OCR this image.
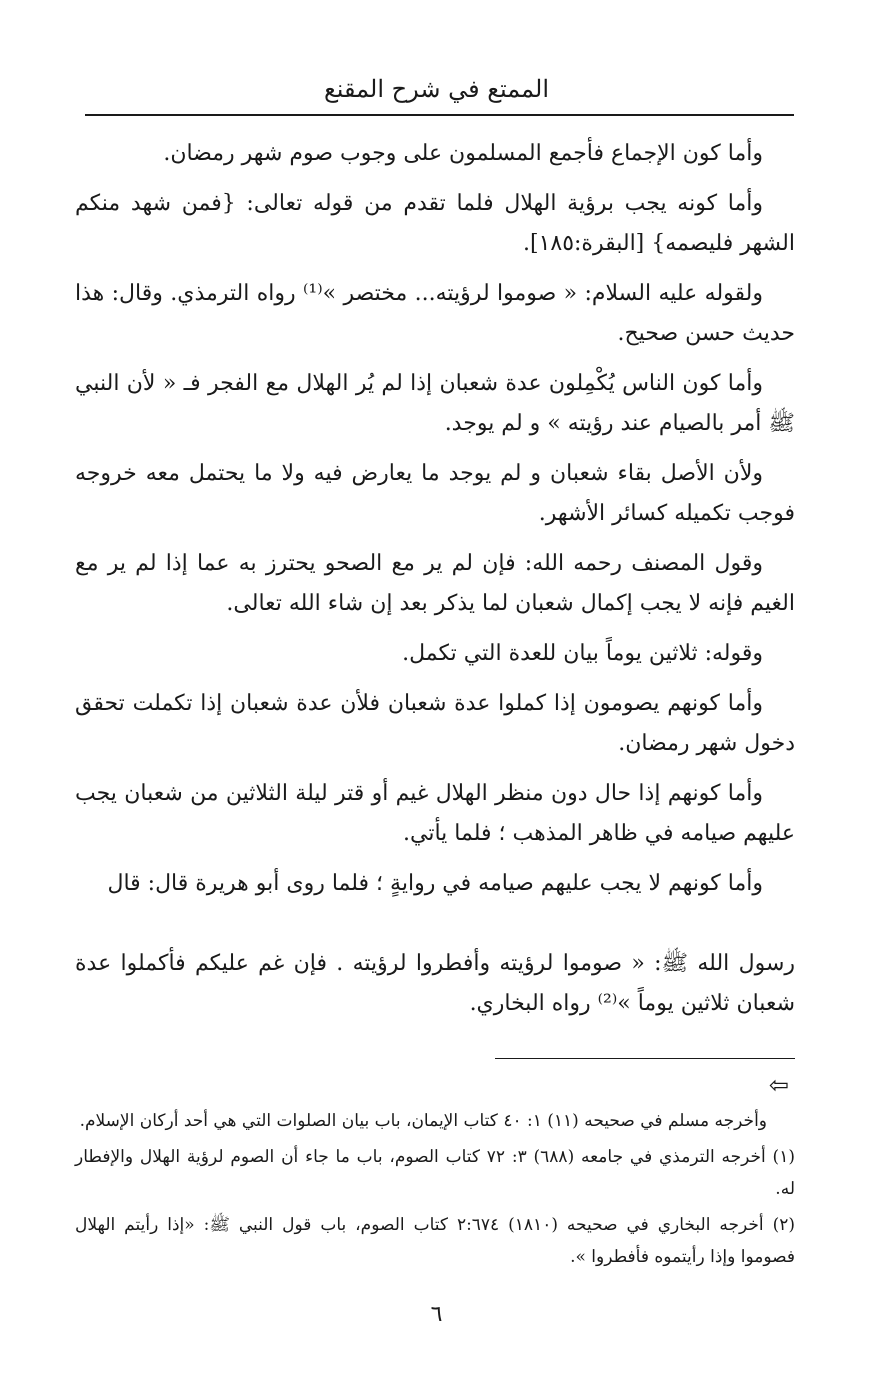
الممتع في شرح المقنع

وأما كون الإجماع فأجمع المسلمون على وجوب صوم شهر رمضان.

وأما كونه يجب برؤية الهلال فلما تقدم من قوله تعالى: {فمن شهد منكم الشهر فليصمه} [البقرة:١٨٥].

ولقوله عليه السلام: « صوموا لرؤيته... مختصر »⁽¹⁾ رواه الترمذي. وقال: هذا حديث حسن صحيح.

وأما كون الناس يُكْمِلون عدة شعبان إذا لم يُر الهلال مع الفجر فـ « لأن النبي ﷺ أمر بالصيام عند رؤيته » و لم يوجد.

ولأن الأصل بقاء شعبان و لم يوجد ما يعارض فيه ولا ما يحتمل معه خروجه فوجب تكميله كسائر الأشهر.

وقول المصنف رحمه الله: فإن لم ير مع الصحو يحترز به عما إذا لم ير مع الغيم فإنه لا يجب إكمال شعبان لما يذكر بعد إن شاء الله تعالى.

وقوله: ثلاثين يوماً بيان للعدة التي تكمل.

وأما كونهم يصومون إذا كملوا عدة شعبان فلأن عدة شعبان إذا تكملت تحقق دخول شهر رمضان.

وأما كونهم إذا حال دون منظر الهلال غيم أو قتر ليلة الثلاثين من شعبان يجب عليهم صيامه في ظاهر المذهب ؛ فلما يأتي.

وأما كونهم لا يجب عليهم صيامه في روايةٍ ؛ فلما روى أبو هريرة قال: قال

رسول الله ﷺ: « صوموا لرؤيته وأفطروا لرؤيته . فإن غم عليكم فأكملوا عدة شعبان ثلاثين يوماً »⁽²⁾ رواه البخاري.

⇦

وأخرجه مسلم في صحيحه (١١) ١: ٤٠ كتاب الإيمان، باب بيان الصلوات التي هي أحد أركان الإسلام.

(١) أخرجه الترمذي في جامعه (٦٨٨) ٣: ٧٢ كتاب الصوم، باب ما جاء أن الصوم لرؤية الهلال والإفطار له.

(٢) أخرجه البخاري في صحيحه (١٨١٠) ٢:٦٧٤ كتاب الصوم، باب قول النبي ﷺ: «إذا رأيتم الهلال فصوموا وإذا رأيتموه فأفطروا ».

٦
